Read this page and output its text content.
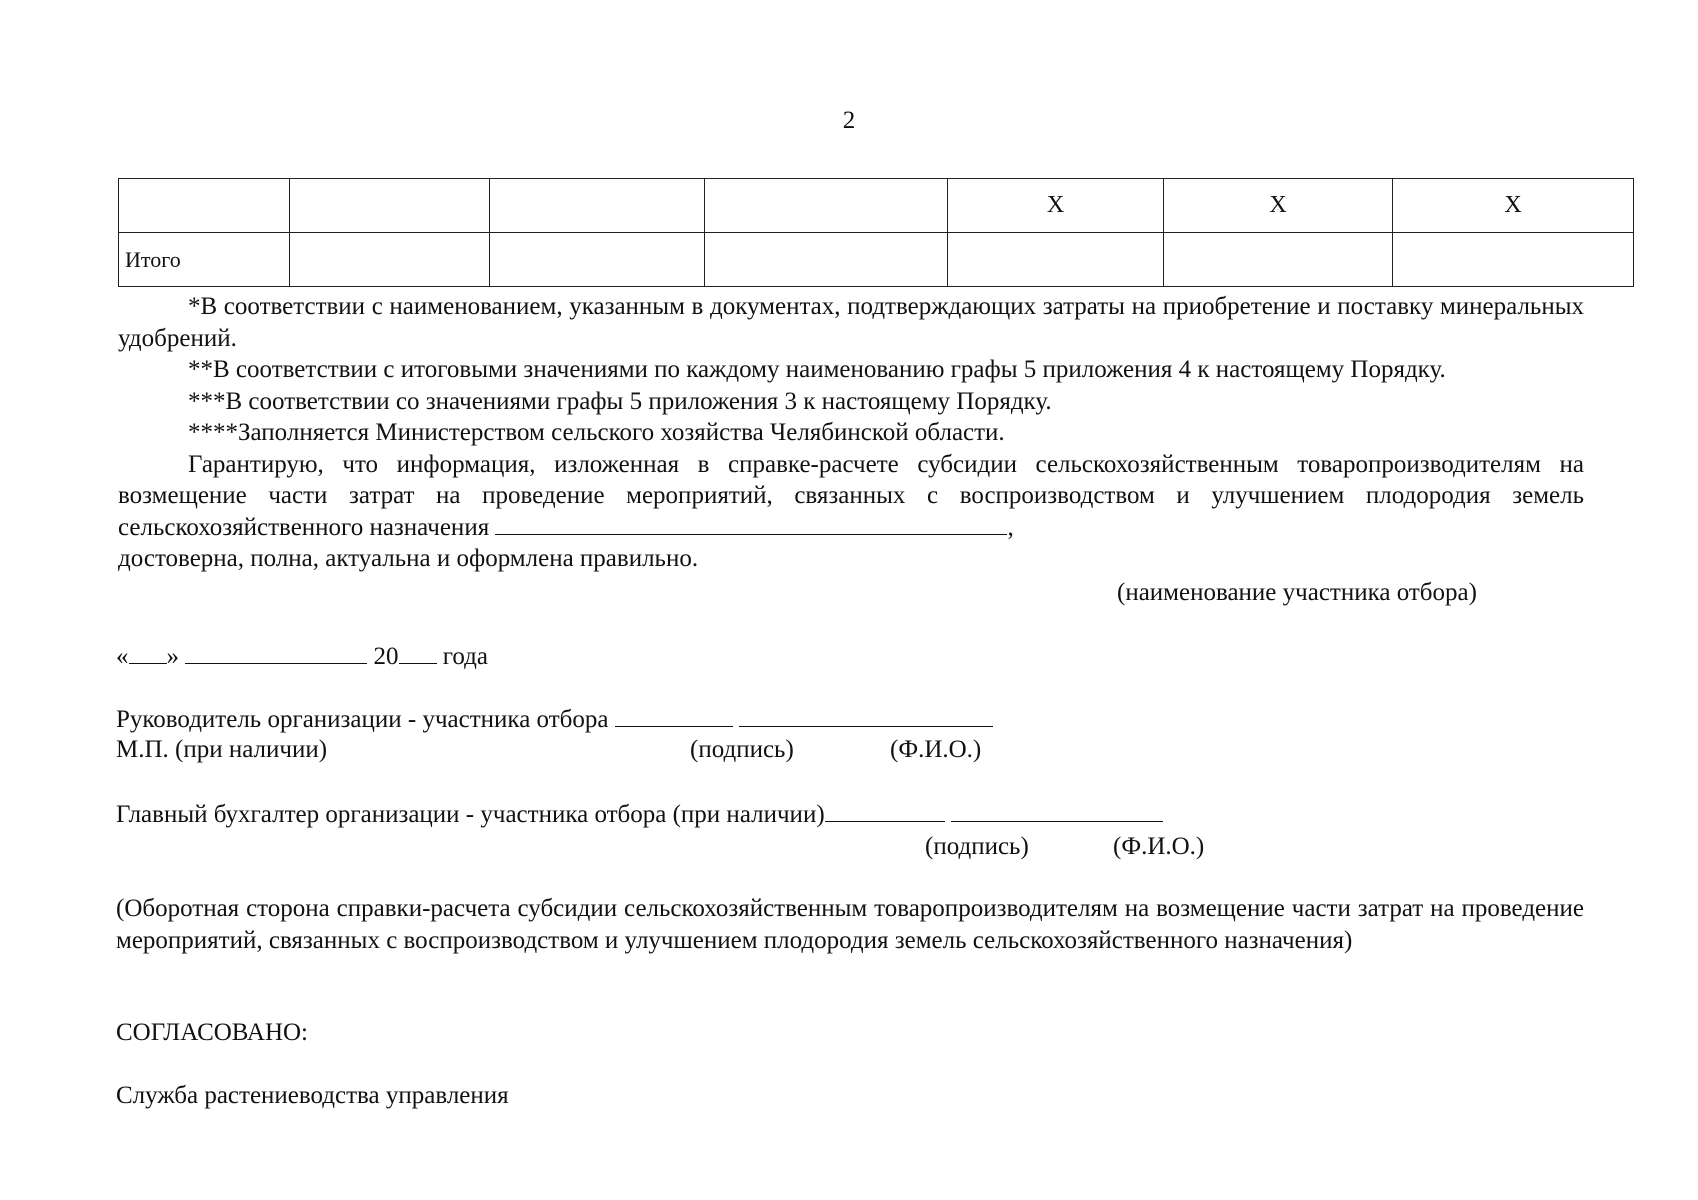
2
				X	X	X
Итого						

*В соответствии с наименованием, указанным в документах, подтверждающих затраты на приобретение и поставку минеральных удобрений.

**В соответствии с итоговыми значениями по каждому наименованию графы 5 приложения 4 к настоящему Порядку.

***В соответствии со значениями графы 5 приложения 3 к настоящему Порядку.

****Заполняется Министерством сельского хозяйства Челябинской области.

Гарантирую, что информация, изложенная в справке-расчете субсидии сельскохозяйственным товаропроизводителям на возмещение части затрат на проведение мероприятий, связанных с воспроизводством и улучшением плодородия земель сельскохозяйственного назначения	,

достоверна, полна, актуальна и оформлена правильно.

(наименование участника отбора)
« »	20 года
Руководитель организации - участника отбора
М.П. (при наличии)	(подпись)	(Ф.И.О.)
Главный бухгалтер организации - участника отбора (при наличии)
(подпись)	(Ф.И.О.)
(Оборотная сторона справки-расчета субсидии сельскохозяйственным товаропроизводителям на возмещение части затрат на проведение мероприятий, связанных с воспроизводством и улучшением плодородия земель сельскохозяйственного назначения)
СОГЛАСОВАНО:
Служба растениеводства управления
